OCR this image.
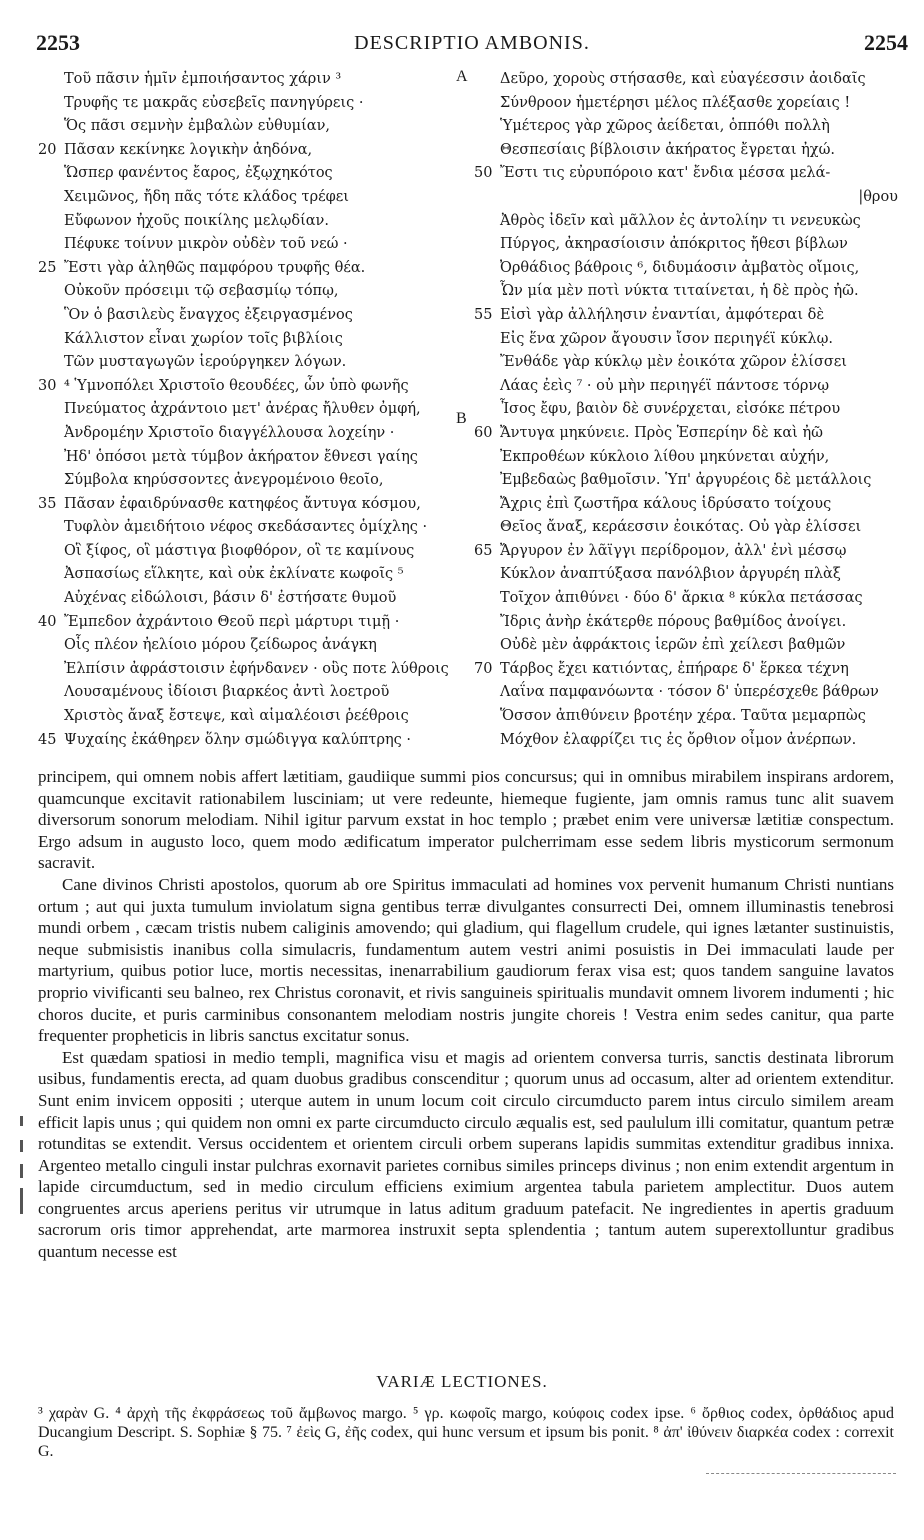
2253	DESCRIPTIO AMBONIS.	2254
Τοῦ πᾶσιν ἡμῖν ἐμποιήσαντος χάριν ³
Τρυφῆς τε μακρᾶς εὐσεβεῖς πανηγύρεις ·
Ὅς πᾶσι σεμνὴν ἐμβαλὼν εὐθυμίαν,
20 Πᾶσαν κεκίνηκε λογικὴν ἀηδόνα,
Ὥσπερ φανέντος ἔαρος, ἐξῳχηκότος
Χειμῶνος, ἤδη πᾶς τότε κλάδος τρέφει
Εὔφωνον ἠχοῦς ποικίλης μελῳδίαν.
Πέφυκε τοίνυν μικρὸν οὐδὲν τοῦ νεώ ·
25 Ἔστι γὰρ ἀληθῶς παμφόρου τρυφῆς θέα.
Οὐκοῦν πρόσειμι τῷ σεβασμίῳ τόπῳ,
Ὃν ὁ βασιλεὺς ἔναγχος ἐξειργασμένος
Κάλλιστον εἶναι χωρίον τοῖς βιβλίοις
Τῶν μυσταγωγῶν ἱερούργηκεν λόγων.
30 ⁴ Ὑμνοπόλει Χριστοῖο θεουδέες, ὧν ὑπὸ φωνῆς
Πνεύματος ἀχράντοιο μετ' ἀνέρας ἤλυθεν ὀμφή,
Ἀνδρομέην Χριστοῖο διαγγέλλουσα λοχείην ·
Ἠδ' ὁπόσοι μετὰ τύμβον ἀκήρατον ἔθνεσι γαίης
Σύμβολα κηρύσσοντες ἀνεγρομένοιο θεοῖο,
35 Πᾶσαν ἐφαιδρύνασθε κατηφέος ἄντυγα κόσμου,
Τυφλὸν ἀμειδήτοιο νέφος σκεδάσαντες ὁμίχλης ·
Οἳ ξίφος, οἳ μάστιγα βιοφθόρον, οἳ τε καμίνους
Ἀσπασίως εἵλκητε, καὶ οὐκ ἐκλίνατε κωφοῖς ⁵
Αὐχένας εἰδώλοισι, βάσιν δ' ἐστήσατε θυμοῦ
40 Ἔμπεδον ἀχράντοιο Θεοῦ περὶ μάρτυρι τιμῇ ·
Οἷς πλέον ἠελίοιο μόρου ζείδωρος ἀνάγκη
Ἐλπίσιν ἀφράστοισιν ἐφήνδανεν · οὓς ποτε λύθροις
Λουσαμένους ἰδίοισι βιαρκέος ἀντὶ λοετροῦ
Χριστὸς ἄναξ ἔστεψε, καὶ αἱμαλέοισι ῥεέθροις
45 Ψυχαίης ἐκάθηρεν ὅλην σμώδιγγα καλύπτρης ·
Δεῦρο, χοροὺς στήσασθε, καὶ εὐαγέεσσιν ἀοιδαῖς
Σύνθροον ἡμετέρησι μέλος πλέξασθε χορείαις !
Ὑμέτερος γὰρ χῶρος ἀείδεται, ὁππόθι πολλὴ
Θεσπεσίαις βίβλοισιν ἀκήρατος ἔγρεται ἠχώ.
50 Ἔστι τις εὐρυπόροιο κατ' ἔνδια μέσσα μελά-
|θρου
Ἀθρὸς ἰδεῖν καὶ μᾶλλον ἐς ἀντολίην τι νενευκὼς
Πύργος, ἀκηρασίοισιν ἀπόκριτος ἤθεσι βίβλων
Ὀρθάδιος βάθροις ⁶, διδυμάοσιν ἀμβατὸς οἴμοις,
Ὧν μία μὲν ποτὶ νύκτα τιταίνεται, ἡ δὲ πρὸς ἠῶ.
55 Εἰσὶ γὰρ ἀλλήλησιν ἐναντίαι, ἀμφότεραι δὲ
Εἰς ἕνα χῶρον ἄγουσιν ἴσον περιηγέϊ κύκλῳ.
Ἔνθάδε γὰρ κύκλῳ μὲν ἐοικότα χῶρον ἑλίσσει
Λάας ἐεὶς ⁷ · οὐ μὴν περιηγέϊ πάντοσε τόρνῳ
Ἶσος ἔφυ, βαιὸν δὲ συνέρχεται, εἰσόκε πέτρου
60 Ἄντυγα μηκύνειε. Πρὸς Ἑσπερίην δὲ καὶ ἠῶ
Ἐκπροθέων κύκλοιο λίθου μηκύνεται αὐχήν,
Ἐμβεδαὼς βαθμοῖσιν. Ὑπ' ἀργυρέοις δὲ μετάλλοις
Ἄχρις ἐπὶ ζωστῆρα κάλους ἱδρύσατο τοίχους
Θεῖος ἄναξ, κεράεσσιν ἐοικότας. Οὐ γὰρ ἑλίσσει
65 Ἄργυρον ἐν λᾶϊγγι περίδρομον, ἀλλ' ἐνὶ μέσσῳ
Κύκλον ἀναπτύξασα πανόλβιον ἀργυρέη πλὰξ
Τοῖχον ἀπιθύνει · δύο δ' ἄρκια ⁸ κύκλα πετάσσας
Ἴδρις ἀνὴρ ἑκάτερθε πόρους βαθμίδος ἀνοίγει.
Οὐδὲ μὲν ἀφράκτοις ἱερῶν ἐπὶ χείλεσι βαθμῶν
70 Τάρβος ἔχει κατιόντας, ἐπήραρε δ' ἕρκεα τέχνη
Λαΐνα παμφανόωντα · τόσον δ' ὑπερέσχεθε βάθρων
Ὅσσον ἀπιθύνειν βροτέην χέρα. Ταῦτα μεμαρπὼς
Μόχθον ἐλαφρίζει τις ἐς ὄρθιον οἶμον ἀνέρπων.
A
B

principem, qui omnem nobis affert lætitiam, gaudiique summi pios concursus; qui in omnibus mirabilem inspirans ardorem, quamcunque excitavit rationabilem lusciniam; ut vere redeunte, hiemeque fugiente, jam omnis ramus tunc alit suavem diversorum sonorum melodiam. Nihil igitur parvum exstat in hoc templo ; præbet enim vere universæ lætitiæ conspectum. Ergo adsum in augusto loco, quem modo ædificatum imperator pulcherrimam esse sedem libris mysticorum sermonum sacravit.

Cane divinos Christi apostolos, quorum ab ore Spiritus immaculati ad homines vox pervenit humanum Christi nuntians ortum ; aut qui juxta tumulum inviolatum signa gentibus terræ divulgantes consurrecti Dei, omnem illuminastis tenebrosi mundi orbem , cæcam tristis nubem caliginis amovendo; qui gladium, qui flagellum crudele, qui ignes lætanter sustinuistis, neque submisistis inanibus colla simulacris, fundamentum autem vestri animi posuistis in Dei immaculati laude per martyrium, quibus potior luce, mortis necessitas, inenarrabilium gaudiorum ferax visa est; quos tandem sanguine lavatos proprio vivificanti seu balneo, rex Christus coronavit, et rivis sanguineis spiritualis mundavit omnem livorem indumenti ; hic choros ducite, et puris carminibus consonantem melodiam nostris jungite choreis ! Vestra enim sedes canitur, qua parte frequenter propheticis in libris sanctus excitatur sonus.

Est quædam spatiosi in medio templi, magnifica visu et magis ad orientem conversa turris, sanctis destinata librorum usibus, fundamentis erecta, ad quam duobus gradibus conscenditur ; quorum unus ad occasum, alter ad orientem extenditur. Sunt enim invicem oppositi ; uterque autem in unum locum coit circulo circumducto parem intus circulo similem aream efficit lapis unus ; qui quidem non omni ex parte circumducto circulo æqualis est, sed paululum illi comitatur, quantum petræ rotunditas se extendit. Versus occidentem et orientem circuli orbem superans lapidis summitas extenditur gradibus innixa. Argenteo metallo cinguli instar pulchras exornavit parietes cornibus similes princeps divinus ; non enim extendit argentum in lapide circumductum, sed in medio circulum efficiens eximium argentea tabula parietem amplectitur. Duos autem congruentes arcus aperiens peritus vir utrumque in latus aditum graduum patefacit. Ne ingredientes in apertis graduum sacrorum oris timor apprehendat, arte marmorea instruxit septa splendentia ; tantum autem superextolluntur gradibus quantum necesse est

VARIÆ LECTIONES.

³ χαρὰν G. ⁴ ἀρχὴ τῆς ἐκφράσεως τοῦ ἄμβωνος margo. ⁵ γρ. κωφοῖς margo, κούφοις codex ipse. ⁶ ὄρθιος codex, ὀρθάδιος apud Ducangium Descript. S. Sophiæ § 75. ⁷ ἐεὶς G, ἐῆς codex, qui hunc versum et ipsum bis ponit. ⁸ ἀπ' ἰθύνειν διαρκέα codex : correxit G.
